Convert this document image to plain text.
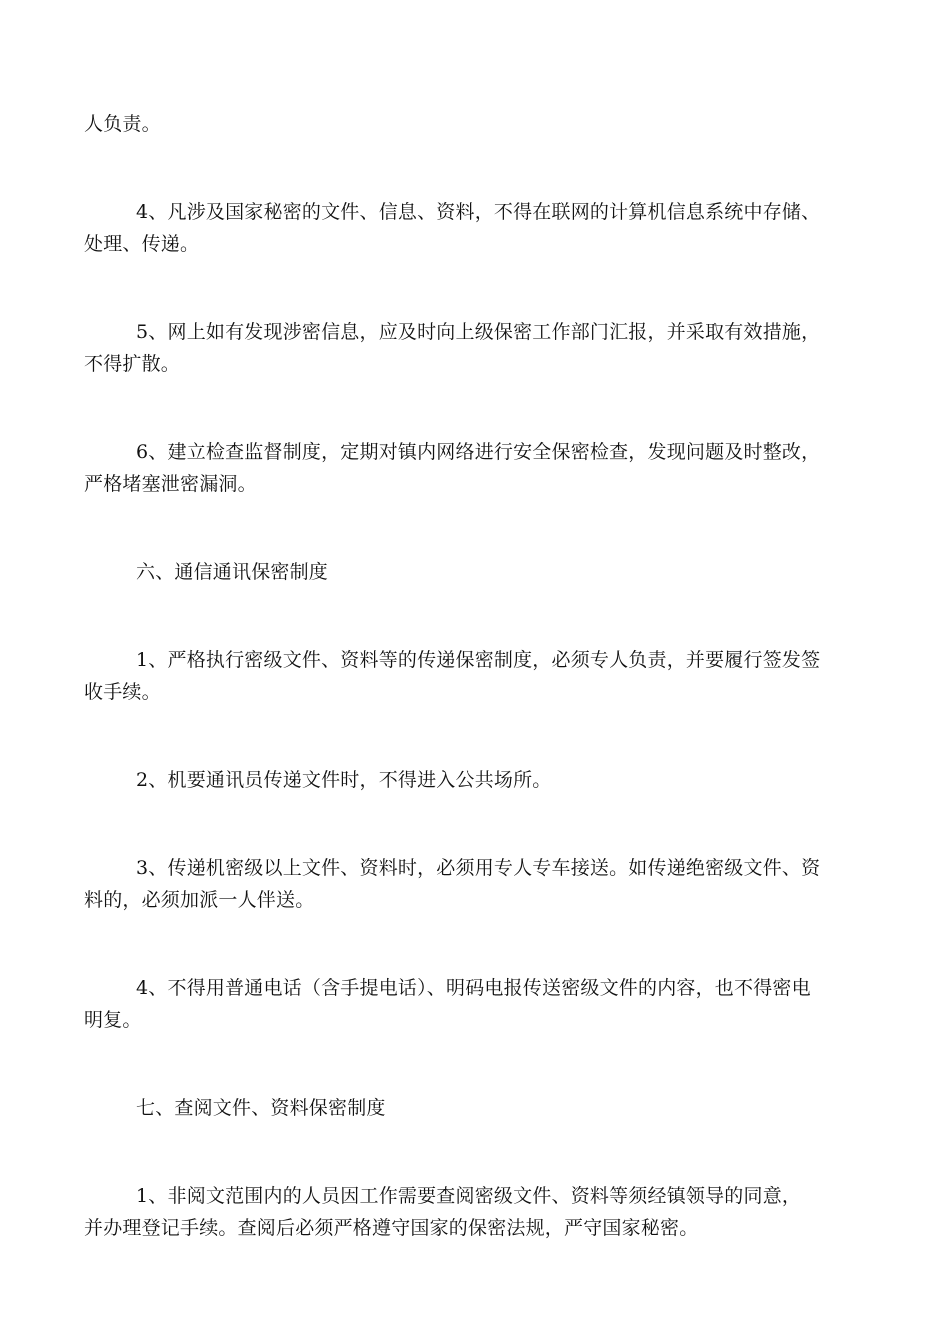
人负责。
4、凡涉及国家秘密的文件、信息、资料，不得在联网的计算机信息系统中存储、
处理、传递。
5、网上如有发现涉密信息，应及时向上级保密工作部门汇报，并采取有效措施，
不得扩散。
6、建立检查监督制度，定期对镇内网络进行安全保密检查，发现问题及时整改，
严格堵塞泄密漏洞。
六、通信通讯保密制度
1、严格执行密级文件、资料等的传递保密制度，必须专人负责，并要履行签发签
收手续。
2、机要通讯员传递文件时，不得进入公共场所。
3、传递机密级以上文件、资料时，必须用专人专车接送。如传递绝密级文件、资
料的，必须加派一人伴送。
4、不得用普通电话（含手提电话）、明码电报传送密级文件的内容，也不得密电
明复。
七、查阅文件、资料保密制度
1、非阅文范围内的人员因工作需要查阅密级文件、资料等须经镇领导的同意，
并办理登记手续。查阅后必须严格遵守国家的保密法规，严守国家秘密。
